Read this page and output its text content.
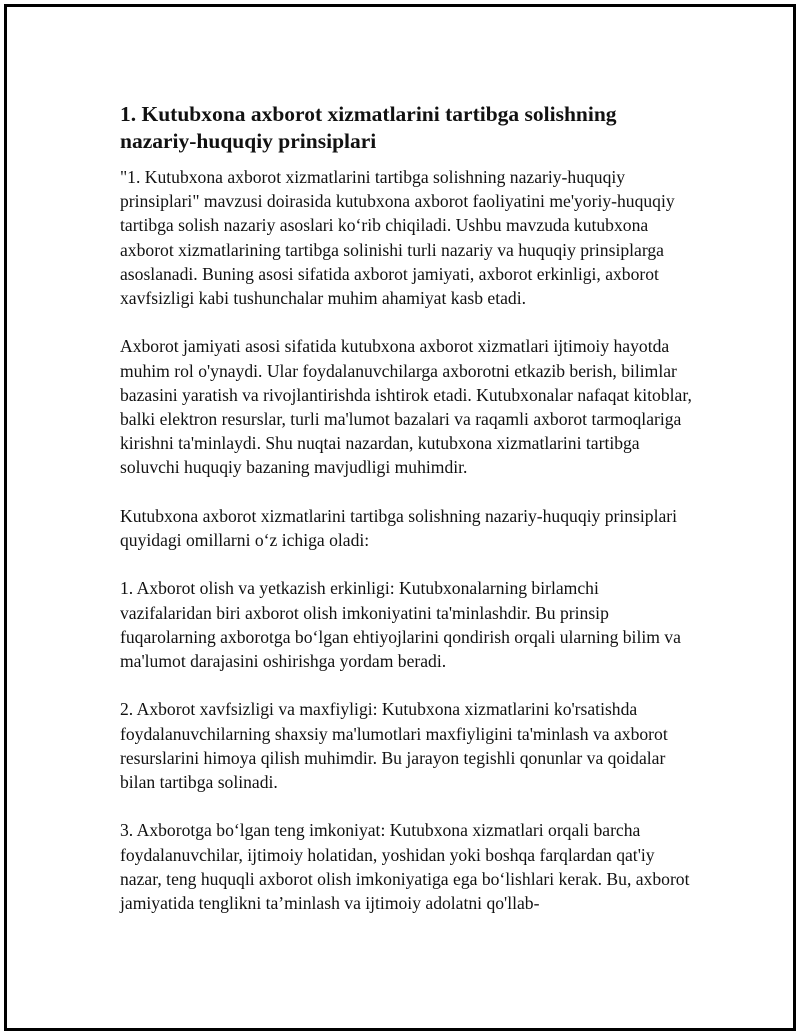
1. Kutubxona axborot xizmatlarini tartibga solishning nazariy-huquqiy prinsiplari

"1. Kutubxona axborot xizmatlarini tartibga solishning nazariy-huquqiy prinsiplari" mavzusi doirasida kutubxona axborot faoliyatini me'yoriy-huquqiy tartibga solish nazariy asoslari ko‘rib chiqiladi. Ushbu mavzuda kutubxona axborot xizmatlarining tartibga solinishi turli nazariy va huquqiy prinsiplarga asoslanadi. Buning asosi sifatida axborot jamiyati, axborot erkinligi, axborot xavfsizligi kabi tushunchalar muhim ahamiyat kasb etadi.

Axborot jamiyati asosi sifatida kutubxona axborot xizmatlari ijtimoiy hayotda muhim rol o'ynaydi. Ular foydalanuvchilarga axborotni etkazib berish, bilimlar bazasini yaratish va rivojlantirishda ishtirok etadi. Kutubxonalar nafaqat kitoblar, balki elektron resurslar, turli ma'lumot bazalari va raqamli axborot tarmoqlariga kirishni ta'minlaydi. Shu nuqtai nazardan, kutubxona xizmatlarini tartibga soluvchi huquqiy bazaning mavjudligi muhimdir.

Kutubxona axborot xizmatlarini tartibga solishning nazariy-huquqiy prinsiplari quyidagi omillarni o‘z ichiga oladi:

1. Axborot olish va yetkazish erkinligi: Kutubxonalarning birlamchi vazifalaridan biri axborot olish imkoniyatini ta'minlashdir. Bu prinsip fuqarolarning axborotga bo‘lgan ehtiyojlarini qondirish orqali ularning bilim va ma'lumot darajasini oshirishga yordam beradi.

2. Axborot xavfsizligi va maxfiyligi: Kutubxona xizmatlarini ko'rsatishda foydalanuvchilarning shaxsiy ma'lumotlari maxfiyligini ta'minlash va axborot resurslarini himoya qilish muhimdir. Bu jarayon tegishli qonunlar va qoidalar bilan tartibga solinadi.

3. Axborotga bo‘lgan teng imkoniyat: Kutubxona xizmatlari orqali barcha foydalanuvchilar, ijtimoiy holatidan, yoshidan yoki boshqa farqlardan qat'iy nazar, teng huquqli axborot olish imkoniyatiga ega bo‘lishlari kerak. Bu, axborot jamiyatida tenglikni ta’minlash va ijtimoiy adolatni qo'llab-
